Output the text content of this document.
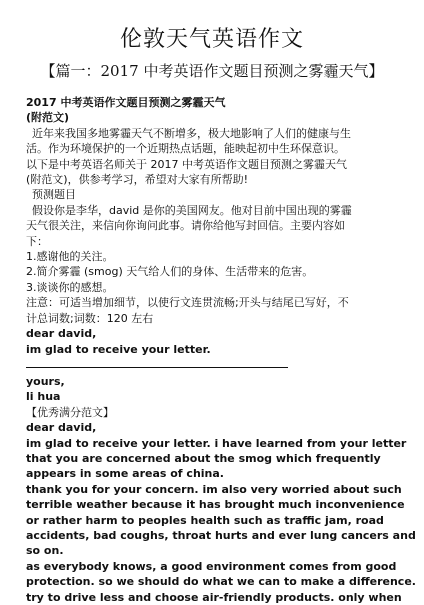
伦敦天气英语作文
【篇一：2017 中考英语作文题目预测之雾霾天气】
2017 中考英语作文题目预测之雾霾天气
(附范文)
近年来我国多地雾霾天气不断增多，极大地影响了人们的健康与生
活。作为环境保护的一个近期热点话题，能映起初中生环保意识。
以下是中考英语名师关于 2017 中考英语作文题目预测之雾霾天气
(附范文)，供参考学习，希望对大家有所帮助!
预测题目
假设你是李华，david 是你的美国网友。他对目前中国出现的雾霾
天气很关注，来信向你询问此事。请你给他写封回信。主要内容如
下：
1.感谢他的关注。
2.简介雾霾 (smog) 天气给人们的身体、生活带来的危害。
3.谈谈你的感想。
注意：可适当增加细节，以使行文连贯流畅;开头与结尾已写好，不
计总词数;词数：120 左右
dear david,
im glad to receive your letter.
yours,
li hua
【优秀满分范文】
dear david,
im glad to receive your letter. i have learned from your letter
that you are concerned about the smog which frequently
appears in some areas of china.
thank you for your concern. im also very worried about such
terrible weather because it has brought much inconvenience
or rather harm to peoples health such as traffic jam, road
accidents, bad coughs, throat hurts and ever lung cancers and
so on.
as everybody knows, a good environment comes from good
protection. so we should do what we can to make a difference.
try to drive less and choose air-friendly products. only when
